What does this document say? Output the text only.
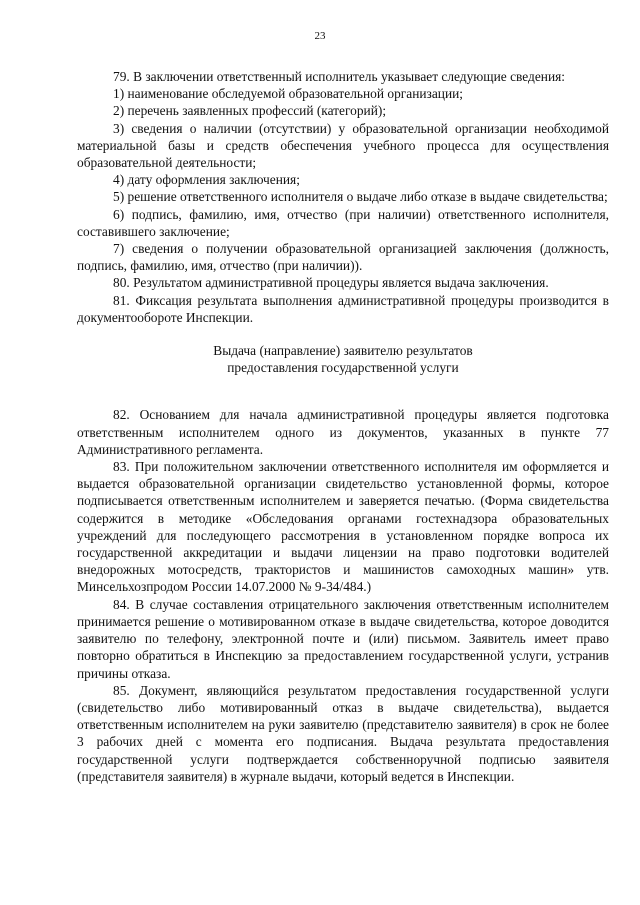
23

79. В заключении ответственный исполнитель указывает следующие сведения:

1) наименование обследуемой образовательной организации;

2) перечень заявленных профессий (категорий);

3) сведения о наличии (отсутствии) у образовательной организации необходимой материальной базы и средств обеспечения учебного процесса для осуществления образовательной деятельности;

4) дату оформления заключения;

5) решение ответственного исполнителя о выдаче либо отказе в выдаче свидетельства;

6) подпись, фамилию, имя, отчество (при наличии) ответственного исполнителя, составившего заключение;

7) сведения о получении образовательной организацией заключения (должность, подпись, фамилию, имя, отчество (при наличии)).

80. Результатом административной процедуры является выдача заключения.

81. Фиксация результата выполнения административной процедуры производится в документообороте Инспекции.

Выдача (направление) заявителю результатов
предоставления государственной услуги

82. Основанием для начала административной процедуры является подготовка ответственным исполнителем одного из документов, указанных в пункте 77 Административного регламента.

83. При положительном заключении ответственного исполнителя им оформляется и выдается образовательной организации свидетельство установленной формы, которое подписывается ответственным исполнителем и заверяется печатью. (Форма свидетельства содержится в методике «Обследования органами гостехнадзора образовательных учреждений для последующего рассмотрения в установленном порядке вопроса их государственной аккредитации и выдачи лицензии на право подготовки водителей внедорожных мотосредств, трактористов и машинистов самоходных машин» утв. Минсельхозпродом России 14.07.2000 № 9-34/484.)

84. В случае составления отрицательного заключения ответственным исполнителем принимается решение о мотивированном отказе в выдаче свидетельства, которое доводится заявителю по телефону, электронной почте и (или) письмом. Заявитель имеет право повторно обратиться в Инспекцию за предоставлением государственной услуги, устранив причины отказа.

85. Документ, являющийся результатом предоставления государственной услуги (свидетельство либо мотивированный отказ в выдаче свидетельства), выдается ответственным исполнителем на руки заявителю (представителю заявителя) в срок не более 3 рабочих дней с момента его подписания. Выдача результата предоставления государственной услуги подтверждается собственноручной подписью заявителя (представителя заявителя) в журнале выдачи, который ведется в Инспекции.
